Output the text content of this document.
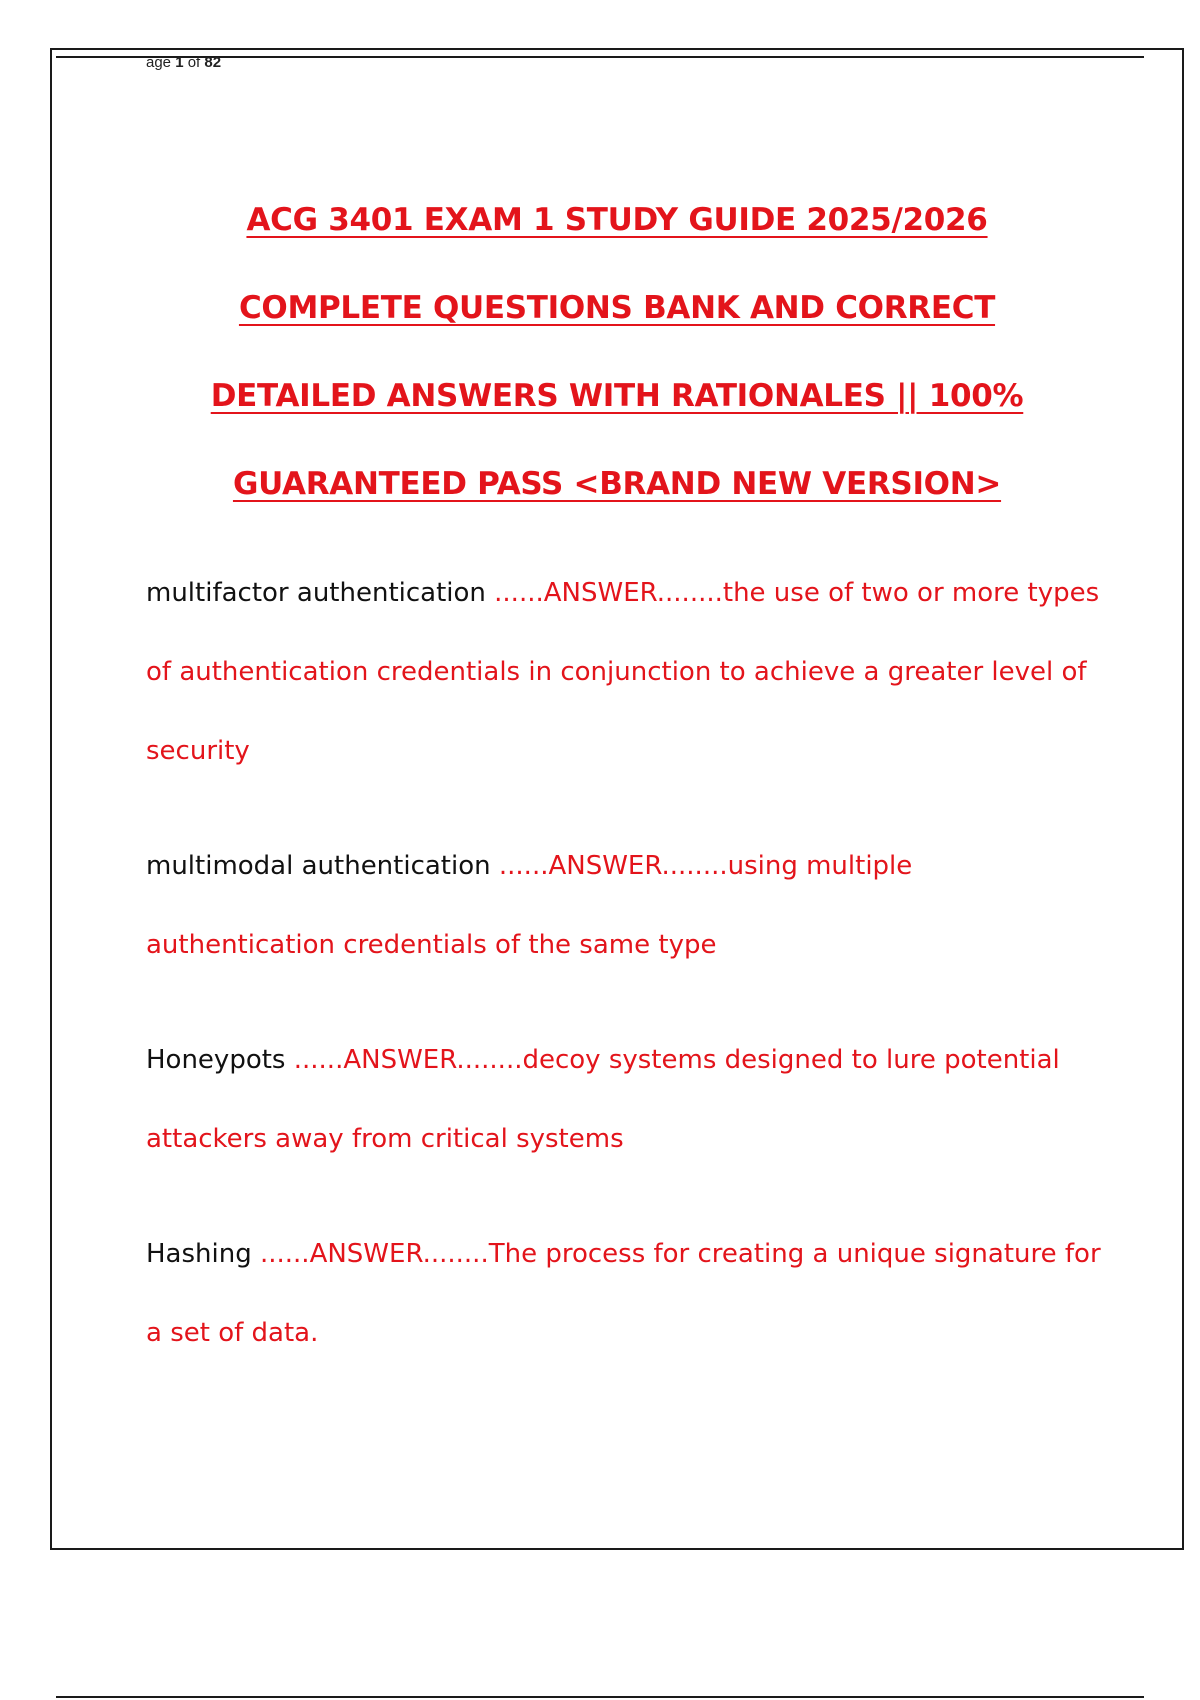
age 1 of 82
ACG 3401 EXAM 1 STUDY GUIDE 2025/2026
COMPLETE QUESTIONS BANK AND CORRECT
DETAILED ANSWERS WITH RATIONALES || 100%
GUARANTEED PASS <BRAND NEW VERSION>

multifactor authentication ......ANSWER........the use of two or more types of authentication credentials in conjunction to achieve a greater level of security

multimodal authentication ......ANSWER........using multiple authentication credentials of the same type

Honeypots ......ANSWER........decoy systems designed to lure potential attackers away from critical systems

Hashing ......ANSWER........The process for creating a unique signature for a set of data.
